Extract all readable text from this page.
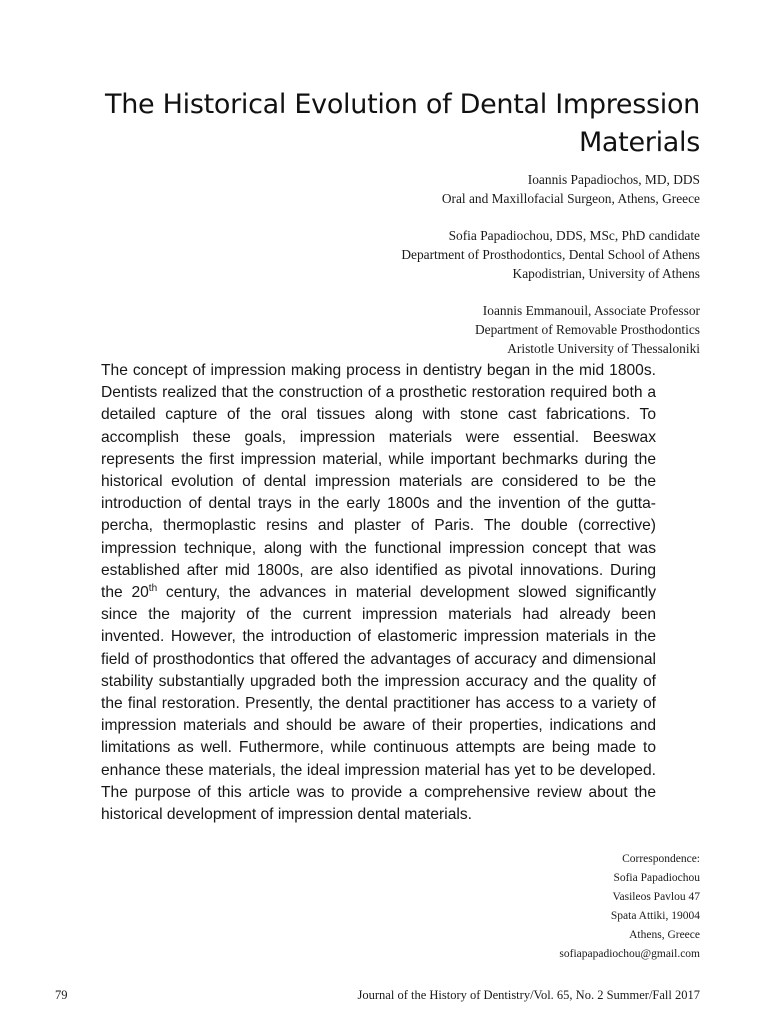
The Historical Evolution of Dental Impression Materials
Ioannis Papadiochos, MD, DDS
Oral and Maxillofacial Surgeon, Athens, Greece
Sofia Papadiochou, DDS, MSc, PhD candidate
Department of Prosthodontics, Dental School of Athens
Kapodistrian, University of Athens
Ioannis Emmanouil, Associate Professor
Department of Removable Prosthodontics
Aristotle University of Thessaloniki

The concept of impression making process in dentistry began in the mid 1800s. Dentists realized that the construction of a prosthetic restoration required both a detailed capture of the oral tissues along with stone cast fabrications. To accomplish these goals, impression materials were essential. Beeswax represents the first impression material, while important bechmarks during the historical evolution of dental impression materials are considered to be the introduction of dental trays in the early 1800s and the invention of the gutta-percha, thermoplastic resins and plaster of Paris. The double (corrective) impression technique, along with the functional impression concept that was established after mid 1800s, are also identified as pivotal innovations. During the 20th century, the advances in material development slowed significantly since the majority of the current impression materials had already been invented. However, the introduction of elastomeric impression materials in the field of prosthodontics that offered the advantages of accuracy and dimensional stability substantially upgraded both the impression accuracy and the quality of the final restoration. Presently, the dental practitioner has access to a variety of impression materials and should be aware of their properties, indications and limitations as well. Futhermore, while continuous attempts are being made to enhance these materials, the ideal impression material has yet to be developed. The purpose of this article was to provide a comprehensive review about the historical development of impression dental materials.

Correspondence:
Sofia Papadiochou
Vasileos Pavlou 47
Spata Attiki, 19004
Athens, Greece
sofiapapadiochou@gmail.com
79	Journal of the History of Dentistry/Vol. 65, No. 2 Summer/Fall 2017
